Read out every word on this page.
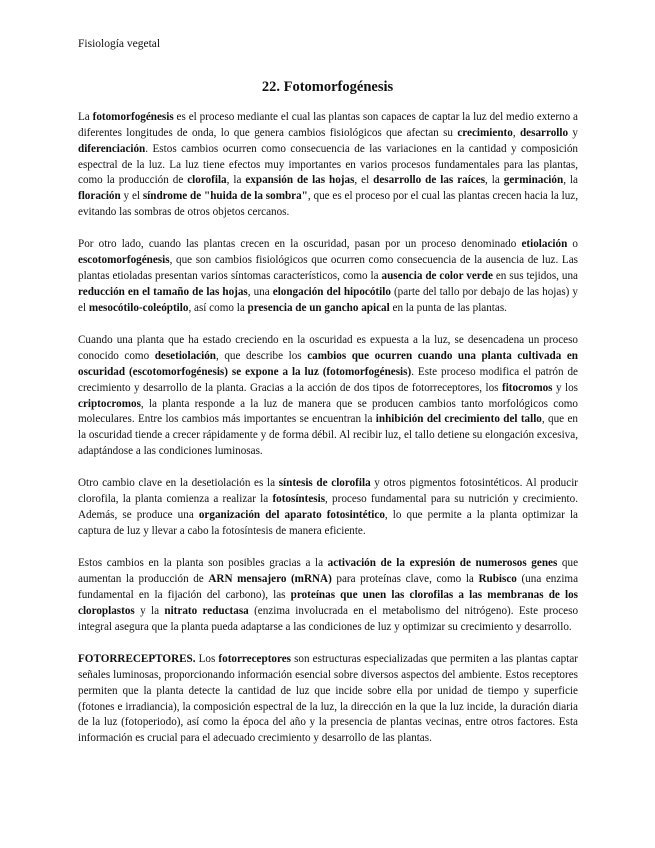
Fisiología vegetal
22. Fotomorfogénesis

La fotomorfogénesis es el proceso mediante el cual las plantas son capaces de captar la luz del medio externo a diferentes longitudes de onda, lo que genera cambios fisiológicos que afectan su crecimiento, desarrollo y diferenciación. Estos cambios ocurren como consecuencia de las variaciones en la cantidad y composición espectral de la luz. La luz tiene efectos muy importantes en varios procesos fundamentales para las plantas, como la producción de clorofila, la expansión de las hojas, el desarrollo de las raíces, la germinación, la floración y el síndrome de "huida de la sombra", que es el proceso por el cual las plantas crecen hacia la luz, evitando las sombras de otros objetos cercanos.

Por otro lado, cuando las plantas crecen en la oscuridad, pasan por un proceso denominado etiolación o escotomorfogénesis, que son cambios fisiológicos que ocurren como consecuencia de la ausencia de luz. Las plantas etioladas presentan varios síntomas característicos, como la ausencia de color verde en sus tejidos, una reducción en el tamaño de las hojas, una elongación del hipocótilo (parte del tallo por debajo de las hojas) y el mesocótilo-coleóptilo, así como la presencia de un gancho apical en la punta de las plantas.

Cuando una planta que ha estado creciendo en la oscuridad es expuesta a la luz, se desencadena un proceso conocido como desetiolación, que describe los cambios que ocurren cuando una planta cultivada en oscuridad (escotomorfogénesis) se expone a la luz (fotomorfogénesis). Este proceso modifica el patrón de crecimiento y desarrollo de la planta. Gracias a la acción de dos tipos de fotorreceptores, los fitocromos y los criptocromos, la planta responde a la luz de manera que se producen cambios tanto morfológicos como moleculares. Entre los cambios más importantes se encuentran la inhibición del crecimiento del tallo, que en la oscuridad tiende a crecer rápidamente y de forma débil. Al recibir luz, el tallo detiene su elongación excesiva, adaptándose a las condiciones luminosas.

Otro cambio clave en la desetiolación es la síntesis de clorofila y otros pigmentos fotosintéticos. Al producir clorofila, la planta comienza a realizar la fotosíntesis, proceso fundamental para su nutrición y crecimiento. Además, se produce una organización del aparato fotosintético, lo que permite a la planta optimizar la captura de luz y llevar a cabo la fotosíntesis de manera eficiente.

Estos cambios en la planta son posibles gracias a la activación de la expresión de numerosos genes que aumentan la producción de ARN mensajero (mRNA) para proteínas clave, como la Rubisco (una enzima fundamental en la fijación del carbono), las proteínas que unen las clorofilas a las membranas de los cloroplastos y la nitrato reductasa (enzima involucrada en el metabolismo del nitrógeno). Este proceso integral asegura que la planta pueda adaptarse a las condiciones de luz y optimizar su crecimiento y desarrollo.

FOTORRECEPTORES. Los fotorreceptores son estructuras especializadas que permiten a las plantas captar señales luminosas, proporcionando información esencial sobre diversos aspectos del ambiente. Estos receptores permiten que la planta detecte la cantidad de luz que incide sobre ella por unidad de tiempo y superficie (fotones e irradiancia), la composición espectral de la luz, la dirección en la que la luz incide, la duración diaria de la luz (fotoperiodo), así como la época del año y la presencia de plantas vecinas, entre otros factores. Esta información es crucial para el adecuado crecimiento y desarrollo de las plantas.
